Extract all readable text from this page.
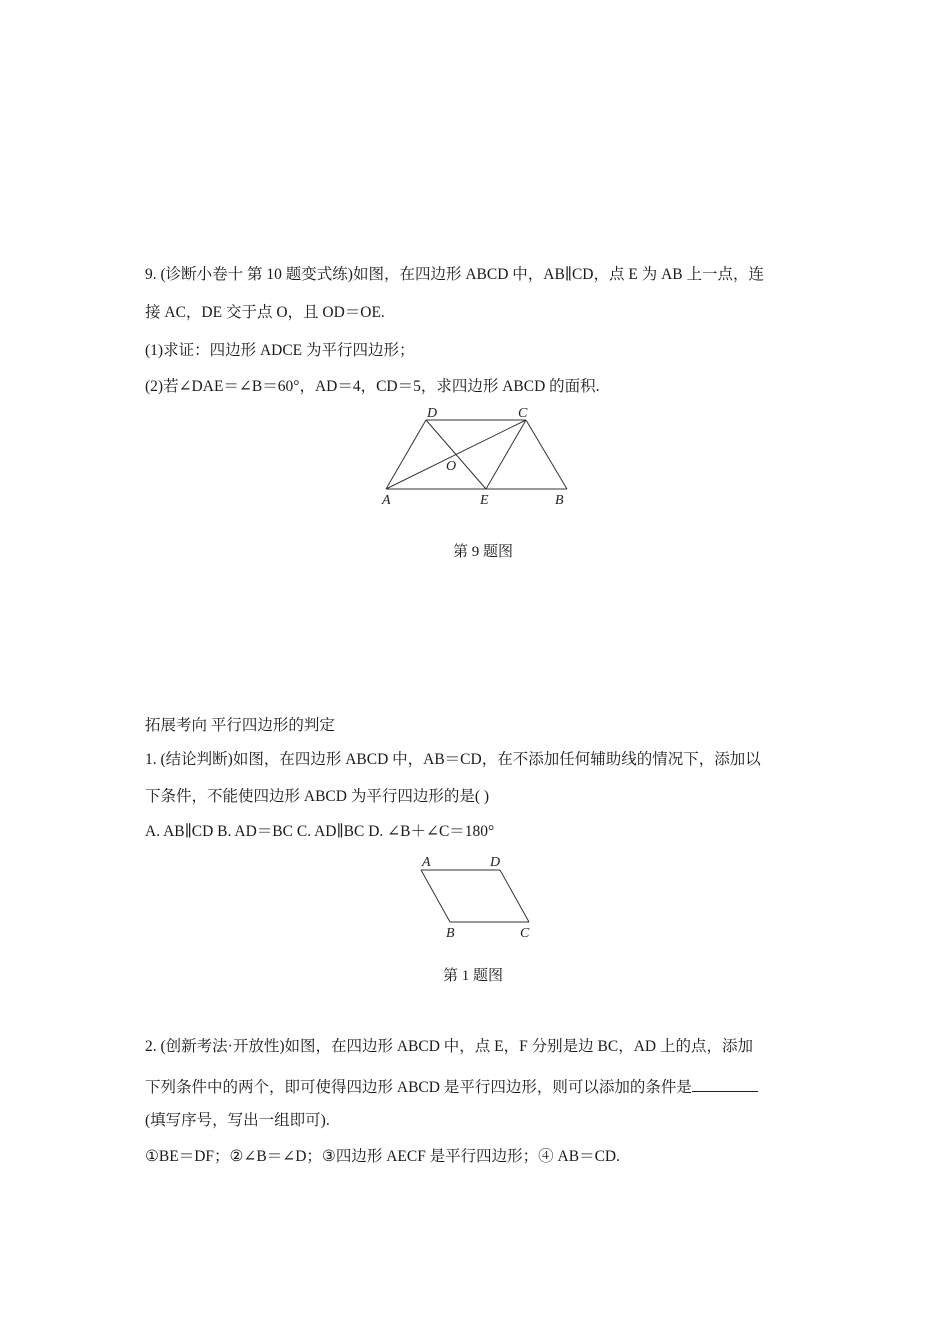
9. (诊断小卷十 第 10 题变式练)如图，在四边形 ABCD 中，AB∥CD，点 E 为 AB 上一点，连
接 AC，DE 交于点 O，且 OD＝OE.
(1)求证：四边形 ADCE 为平行四边形；
(2)若∠DAE＝∠B＝60°，AD＝4，CD＝5，求四边形 ABCD 的面积.
D	C
O
A	E	B
A	D
B	C
第 9 题图
拓展考向 平行四边形的判定
1. (结论判断)如图，在四边形 ABCD 中，AB＝CD，在不添加任何辅助线的情况下，添加以
下条件，不能使四边形 ABCD 为平行四边形的是( )
A. AB∥CD B. AD＝BC C. AD∥BC D. ∠B＋∠C＝180°
第 1 题图
2. (创新考法·开放性)如图，在四边形 ABCD 中，点 E，F 分别是边 BC，AD 上的点，添加
下列条件中的两个，即可使得四边形 ABCD 是平行四边形，则可以添加的条件是
(填写序号，写出一组即可).
①BE＝DF；②∠B＝∠D；③四边形 AECF 是平行四边形；④ AB＝CD.
